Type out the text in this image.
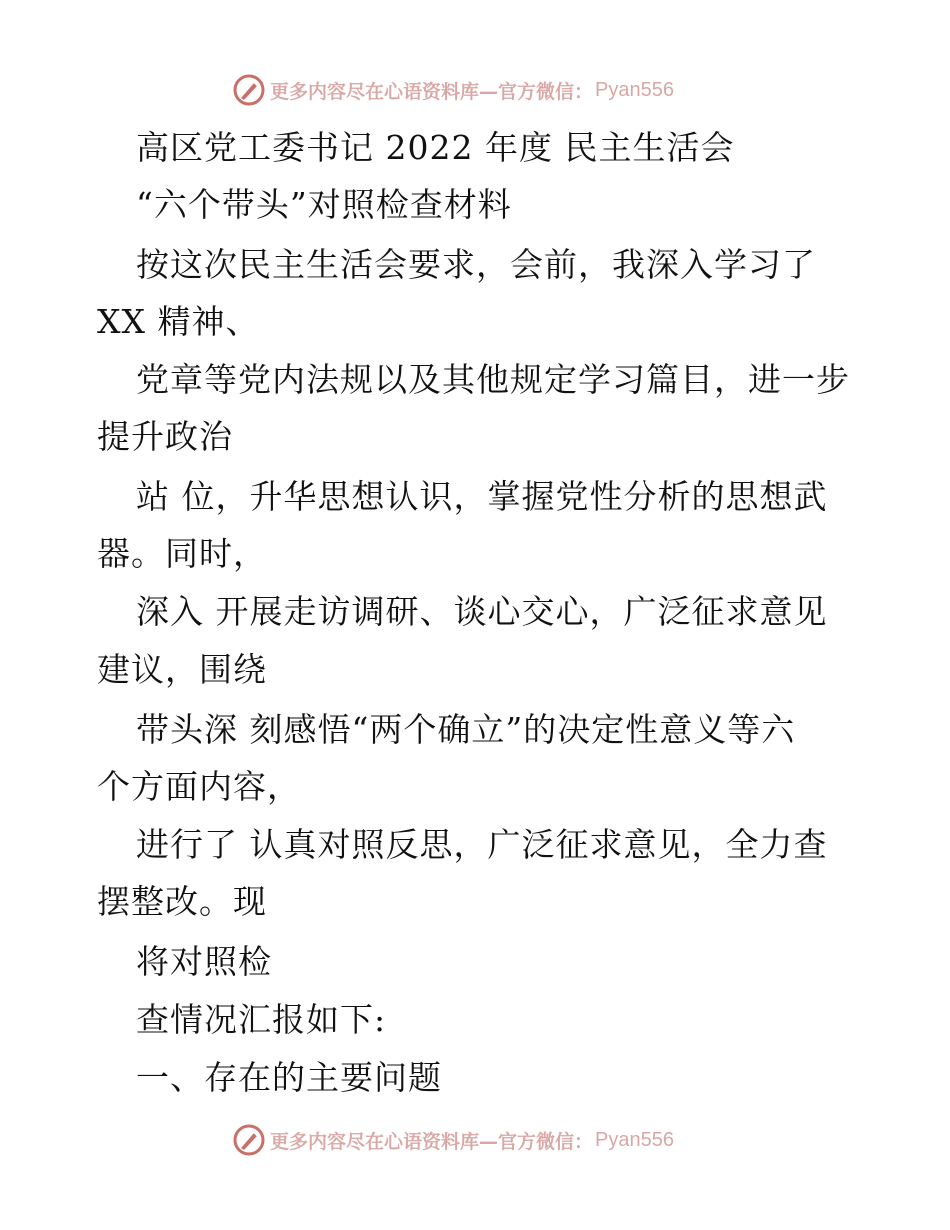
更多内容尽在心语资料库—官方微信： Pyan556
高区党工委书记 2022 年度 民主生活会
“六个带头”对照检查材料
按这次民主生活会要求，会前，我深入学习了
XX 精神、
党章等党内法规以及其他规定学习篇目，进一步
提升政治
站 位，升华思想认识，掌握党性分析的思想武
器。同时，
深入 开展走访调研、谈心交心，广泛征求意见
建议，围绕
带头深 刻感悟“两个确立”的决定性意义等六
个方面内容，
进行了 认真对照反思，广泛征求意见，全力查
摆整改。现
将对照检
查情况汇报如下:
一、存在的主要问题
更多内容尽在心语资料库—官方微信： Pyan556
